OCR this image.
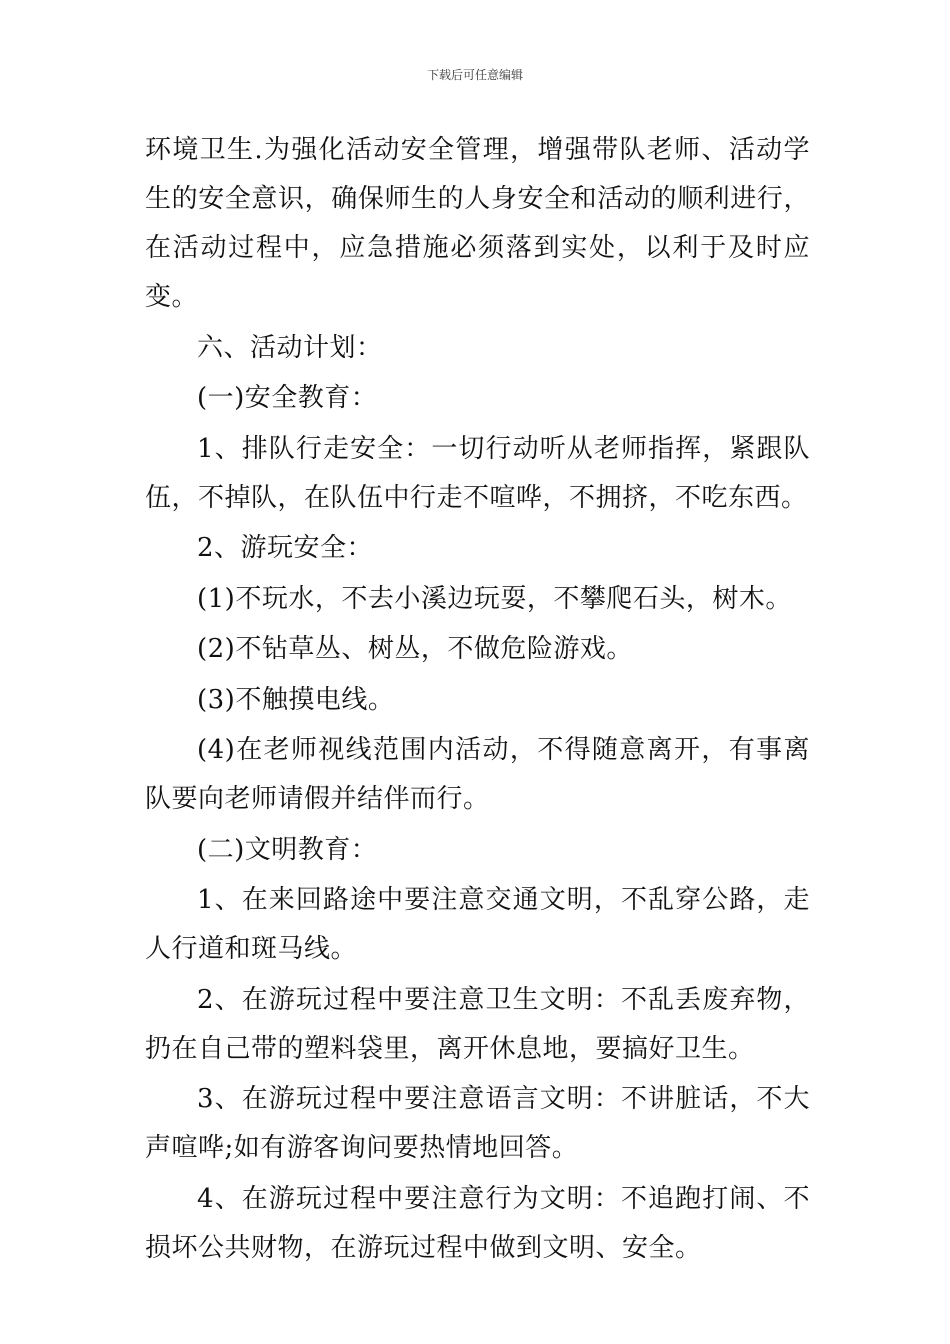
下载后可任意编辑

环境卫生.为强化活动安全管理，增强带队老师、活动学生的安全意识，确保师生的人身安全和活动的顺利进行，在活动过程中，应急措施必须落到实处，以利于及时应变。

六、活动计划：

(一)安全教育：

1、排队行走安全：一切行动听从老师指挥，紧跟队伍，不掉队，在队伍中行走不喧哗，不拥挤，不吃东西。

2、游玩安全：

(1)不玩水，不去小溪边玩耍，不攀爬石头，树木。

(2)不钻草丛、树丛，不做危险游戏。

(3)不触摸电线。

(4)在老师视线范围内活动，不得随意离开，有事离队要向老师请假并结伴而行。

(二)文明教育：

1、在来回路途中要注意交通文明，不乱穿公路，走人行道和斑马线。

2、在游玩过程中要注意卫生文明：不乱丢废弃物，扔在自己带的塑料袋里，离开休息地，要搞好卫生。

3、在游玩过程中要注意语言文明：不讲脏话，不大声喧哗;如有游客询问要热情地回答。

4、在游玩过程中要注意行为文明：不追跑打闹、不损坏公共财物，在游玩过程中做到文明、安全。
